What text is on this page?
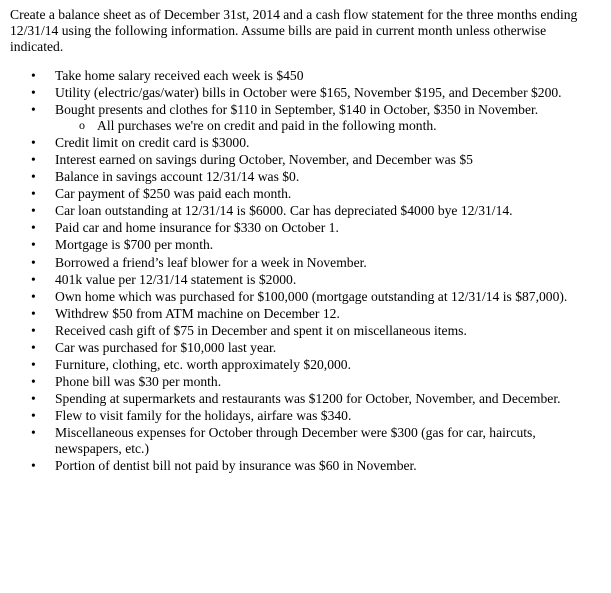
Create a balance sheet as of December 31st, 2014 and a cash flow statement for the three months ending 12/31/14 using the following information. Assume bills are paid in current month unless otherwise indicated.

• Take home salary received each week is $450
• Utility (electric/gas/water) bills in October were $165, November $195, and December $200.
• Bought presents and clothes for $110 in September, $140 in October, $350 in November.
o All purchases we're on credit and paid in the following month.
• Credit limit on credit card is $3000.
• Interest earned on savings during October, November, and December was $5
• Balance in savings account 12/31/14 was $0.
• Car payment of $250 was paid each month.
• Car loan outstanding at 12/31/14 is $6000. Car has depreciated $4000 bye 12/31/14.
• Paid car and home insurance for $330 on October 1.
• Mortgage is $700 per month.
• Borrowed a friend’s leaf blower for a week in November.
• 401k value per 12/31/14 statement is $2000.
• Own home which was purchased for $100,000 (mortgage outstanding at 12/31/14 is $87,000).
• Withdrew $50 from ATM machine on December 12.
• Received cash gift of $75 in December and spent it on miscellaneous items.
• Car was purchased for $10,000 last year.
• Furniture, clothing, etc. worth approximately $20,000.
• Phone bill was $30 per month.
• Spending at supermarkets and restaurants was $1200 for October, November, and December.
• Flew to visit family for the holidays, airfare was $340.
• Miscellaneous expenses for October through December were $300 (gas for car, haircuts, newspapers, etc.)
• Portion of dentist bill not paid by insurance was $60 in November.
